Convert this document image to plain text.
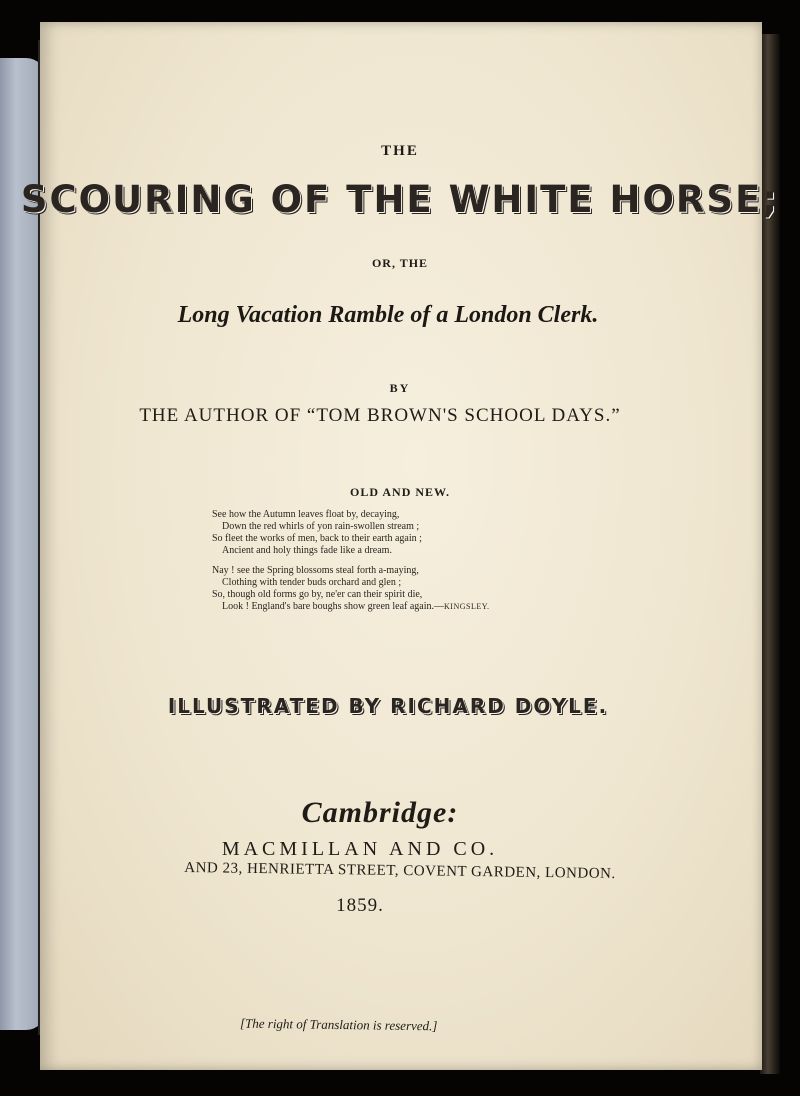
THE
SCOURING OF THE WHITE HORSE;
OR, THE
Long Vacation Ramble of a London Clerk.
BY
THE AUTHOR OF “TOM BROWN'S SCHOOL DAYS.”
OLD AND NEW.
See how the Autumn leaves float by, decaying,
Down the red whirls of yon rain-swollen stream ;
So fleet the works of men, back to their earth again ;
Ancient and holy things fade like a dream.
Nay ! see the Spring blossoms steal forth a-maying,
Clothing with tender buds orchard and glen ;
So, though old forms go by, ne'er can their spirit die,
Look ! England's bare boughs show green leaf again.—KINGSLEY.
ILLUSTRATED BY RICHARD DOYLE.
Cambridge:
MACMILLAN AND CO.
AND 23, HENRIETTA STREET, COVENT GARDEN, LONDON.
1859.
[The right of Translation is reserved.]
